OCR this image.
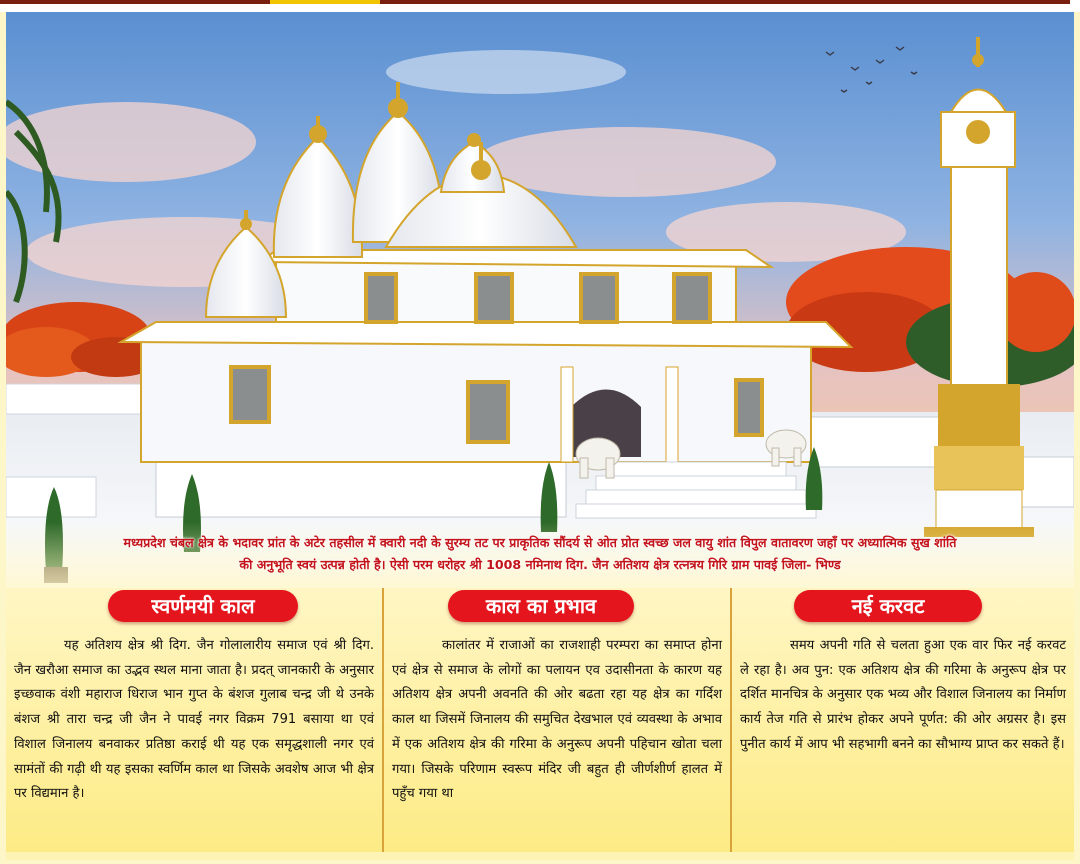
मध्यप्रदेश चंबल क्षेत्र के भदावर प्रांत के अटेर तहसील में क्वारी नदी के सुरम्य तट पर प्राकृतिक सौंदर्य से ओत प्रोत स्वच्छ जल वायु शांत विपुल वातावरण जहाँ पर अध्यात्मिक सुख शांति
की अनुभूति स्वयं उत्पन्न होती है। ऐसी परम धरोहर श्री 1008 नमिनाथ दिग. जैन अतिशय क्षेत्र रत्नत्रय गिरि ग्राम पावई जिला- भिण्ड
स्वर्णमयी काल
यह अतिशय क्षेत्र श्री दिग. जैन गोलालारीय समाज एवं श्री दिग. जैन खरौआ समाज का उद्भव स्थल माना जाता है। प्रदत् जानकारी के अनुसार इच्छवाक वंशी महाराज धिराज भान गुप्त के बंशज गुलाब चन्द्र जी थे उनके बंशज श्री तारा चन्द्र जी जैन ने पावई नगर विक्रम 791 बसाया था एवं विशाल जिनालय बनवाकर प्रतिष्ठा कराई थी यह एक समृद्धशाली नगर एवं सामंतों की गढ़ी थी यह इसका स्वर्णिम काल था जिसके अवशेष आज भी क्षेत्र पर विद्यमान है।
काल का प्रभाव
कालांतर में राजाओं का राजशाही परम्परा का समाप्त होना एवं क्षेत्र से समाज के लोगों का पलायन एव उदासीनता के कारण यह अतिशय क्षेत्र अपनी अवनति की ओर बढता रहा यह क्षेत्र का गर्दिश काल था जिसमें जिनालय की समुचित देखभाल एवं व्यवस्था के अभाव में एक अतिशय क्षेत्र की गरिमा के अनुरूप अपनी पहिचान खोता चला गया। जिसके परिणाम स्वरूप मंदिर जी बहुत ही जीर्णशीर्ण हालत में पहुँच गया था
नई करवट
समय अपनी गति से चलता हुआ एक वार फिर नई करवट ले रहा है। अव पुन: एक अतिशय क्षेत्र की गरिमा के अनुरूप क्षेत्र पर दर्शित मानचित्र के अनुसार एक भव्य और विशाल जिनालय का निर्माण कार्य तेज गति से प्रारंभ होकर अपने पूर्णत: की ओर अग्रसर है। इस पुनीत कार्य में आप भी सहभागी बनने का सौभाग्य प्राप्त कर सकते हैं।
